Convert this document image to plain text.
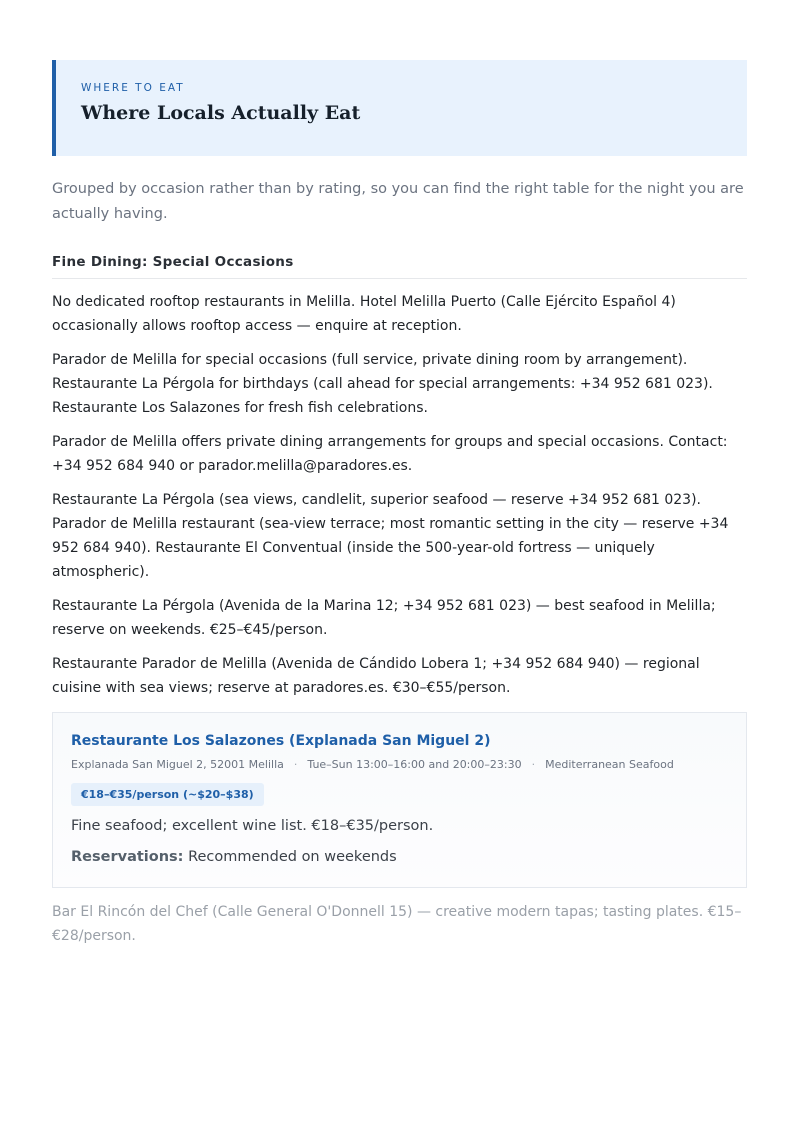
WHERE TO EAT
Where Locals Actually Eat

Grouped by occasion rather than by rating, so you can find the right table for the night you are actually having.

Fine Dining: Special Occasions

No dedicated rooftop restaurants in Melilla. Hotel Melilla Puerto (Calle Ejército Español 4) occasionally allows rooftop access — enquire at reception.

Parador de Melilla for special occasions (full service, private dining room by arrangement). Restaurante La Pérgola for birthdays (call ahead for special arrangements: +34 952 681 023). Restaurante Los Salazones for fresh fish celebrations.

Parador de Melilla offers private dining arrangements for groups and special occasions. Contact: +34 952 684 940 or parador.melilla@paradores.es.

Restaurante La Pérgola (sea views, candlelit, superior seafood — reserve +34 952 681 023). Parador de Melilla restaurant (sea-view terrace; most romantic setting in the city — reserve +34 952 684 940). Restaurante El Conventual (inside the 500-year-old fortress — uniquely atmospheric).

Restaurante La Pérgola (Avenida de la Marina 12; +34 952 681 023) — best seafood in Melilla; reserve on weekends. €25–€45/person.

Restaurante Parador de Melilla (Avenida de Cándido Lobera 1; +34 952 684 940) — regional cuisine with sea views; reserve at paradores.es. €30–€55/person.

Restaurante Los Salazones (Explanada San Miguel 2)
Explanada San Miguel 2, 52001 Melilla · Tue–Sun 13:00–16:00 and 20:00–23:30 · Mediterranean Seafood
€18–€35/person (~$20–$38)

Fine seafood; excellent wine list. €18–€35/person.

Reservations: Recommended on weekends

Bar El Rincón del Chef (Calle General O'Donnell 15) — creative modern tapas; tasting plates. €15–€28/person.
